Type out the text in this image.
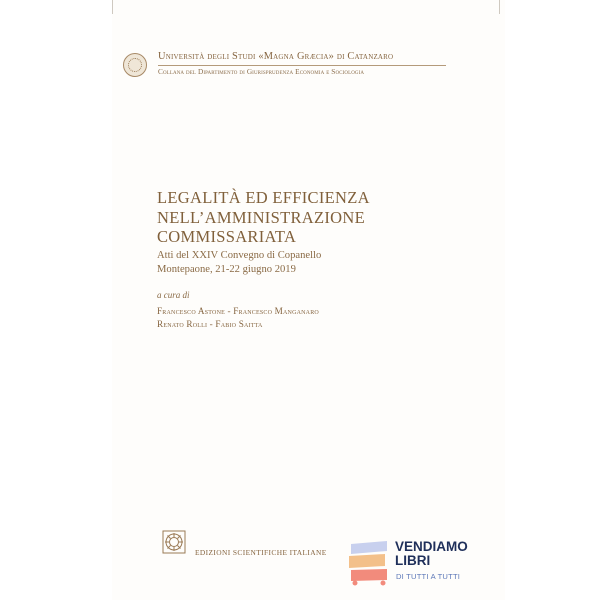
Università degli Studi «Magna Græcia» di Catanzaro
Collana del Dipartimento di Giurisprudenza Economia e Sociologia
LEGALITÀ ED EFFICIENZA
NELL’AMMINISTRAZIONE
COMMISSARIATA
Atti del XXIV Convegno di Copanello
Montepaone, 21-22 giugno 2019
a cura di
Francesco Astone - Francesco Manganaro
Renato Rolli - Fabio Saitta
EDIZIONI SCIENTIFICHE ITALIANE	VENDIAMO
LIBRI
DI TUTTI A TUTTI
